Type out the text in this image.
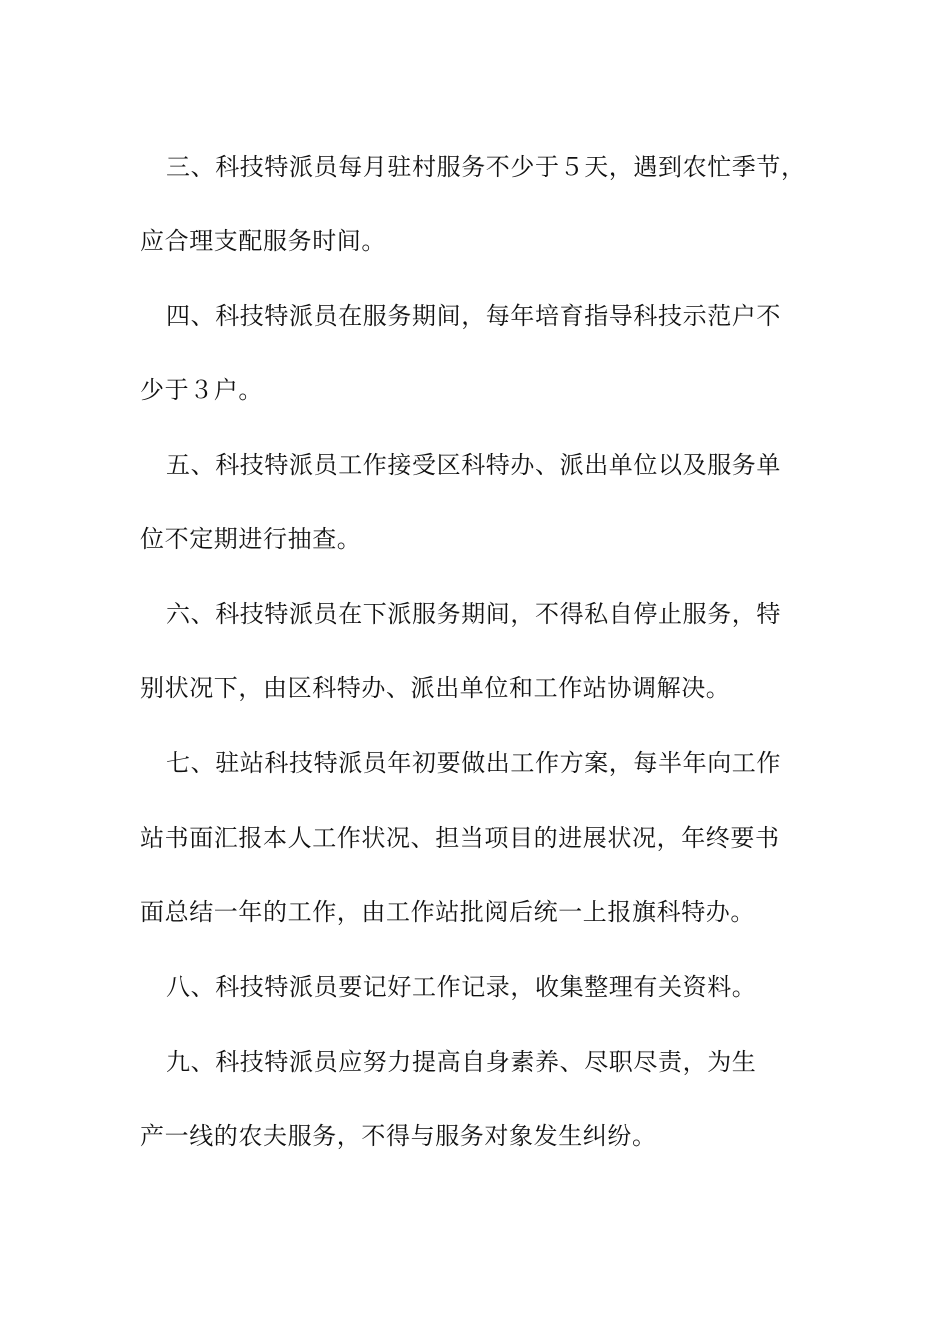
三、科技特派员每月驻村服务不少于５天，遇到农忙季节，
应合理支配服务时间。
四、科技特派员在服务期间，每年培育指导科技示范户不
少于３户。
五、科技特派员工作接受区科特办、派出单位以及服务单
位不定期进行抽查。
六、科技特派员在下派服务期间，不得私自停止服务，特
别状况下，由区科特办、派出单位和工作站协调解决。
七、驻站科技特派员年初要做出工作方案，每半年向工作
站书面汇报本人工作状况、担当项目的进展状况，年终要书
面总结一年的工作，由工作站批阅后统一上报旗科特办。
八、科技特派员要记好工作记录，收集整理有关资料。
九、科技特派员应努力提高自身素养、尽职尽责，为生
产一线的农夫服务，不得与服务对象发生纠纷。
